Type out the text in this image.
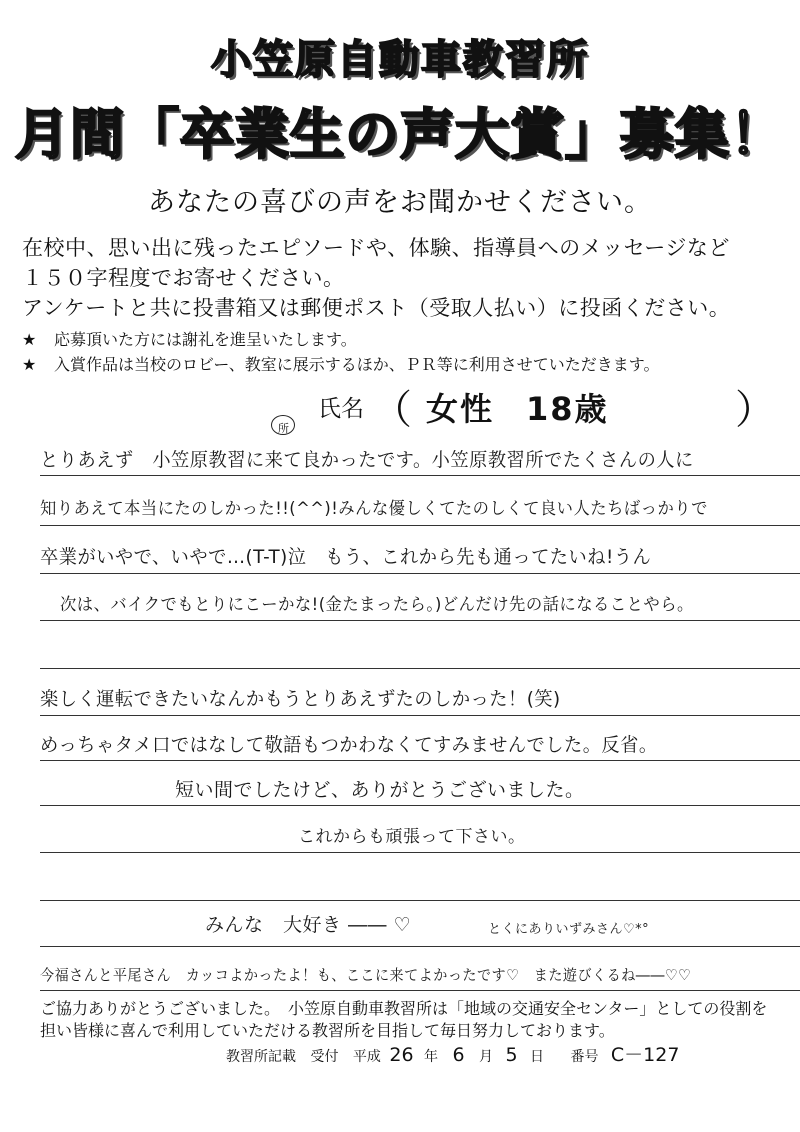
小笠原自動車教習所
月間「卒業生の声大賞」募集！
あなたの喜びの声をお聞かせください。
在校中、思い出に残ったエピソードや、体験、指導員へのメッセージなど
１５０字程度でお寄せください。
アンケートと共に投書箱又は郵便ポスト（受取人払い）に投函ください。
★ 応募頂いた方には謝礼を進呈いたします。
★ 入賞作品は当校のロビー、教室に展示するほか、ＰＲ等に利用させていただきます。
氏名 （ 女性 18歳	）
所
とりあえず　小笠原教習に来て良かったです。小笠原教習所でたくさんの人に
知りあえて本当にたのしかった!!(^^)!みんな優しくてたのしくて良い人たちばっかりで
卒業がいやで、いやで…(T-T)泣　もう、これから先も通ってたいね!うん
次は、バイクでもとりにこーかな!(金たまったら。)どんだけ先の話になることやら。
楽しく運転できたいなんかもうとりあえずたのしかった！(笑)
めっちゃタメ口ではなして敬語もつかわなくてすみませんでした。反省。
短い間でしたけど、ありがとうございました。
これからも頑張って下さい。
みんな　大好き ―― ♡	とくにありいずみさん♡*°
今福さんと平尾さん　カッコよかったよ！も、ここに来てよかったです♡　また遊びくるね――♡♡
ご協力ありがとうございました。　小笠原自動車教習所は「地域の交通安全センター」としての役割を
担い皆様に喜んで利用していただける教習所を目指して毎日努力しております。
教習所記載 受付 平成 26 年 6 月 5 日 番号 C－127
